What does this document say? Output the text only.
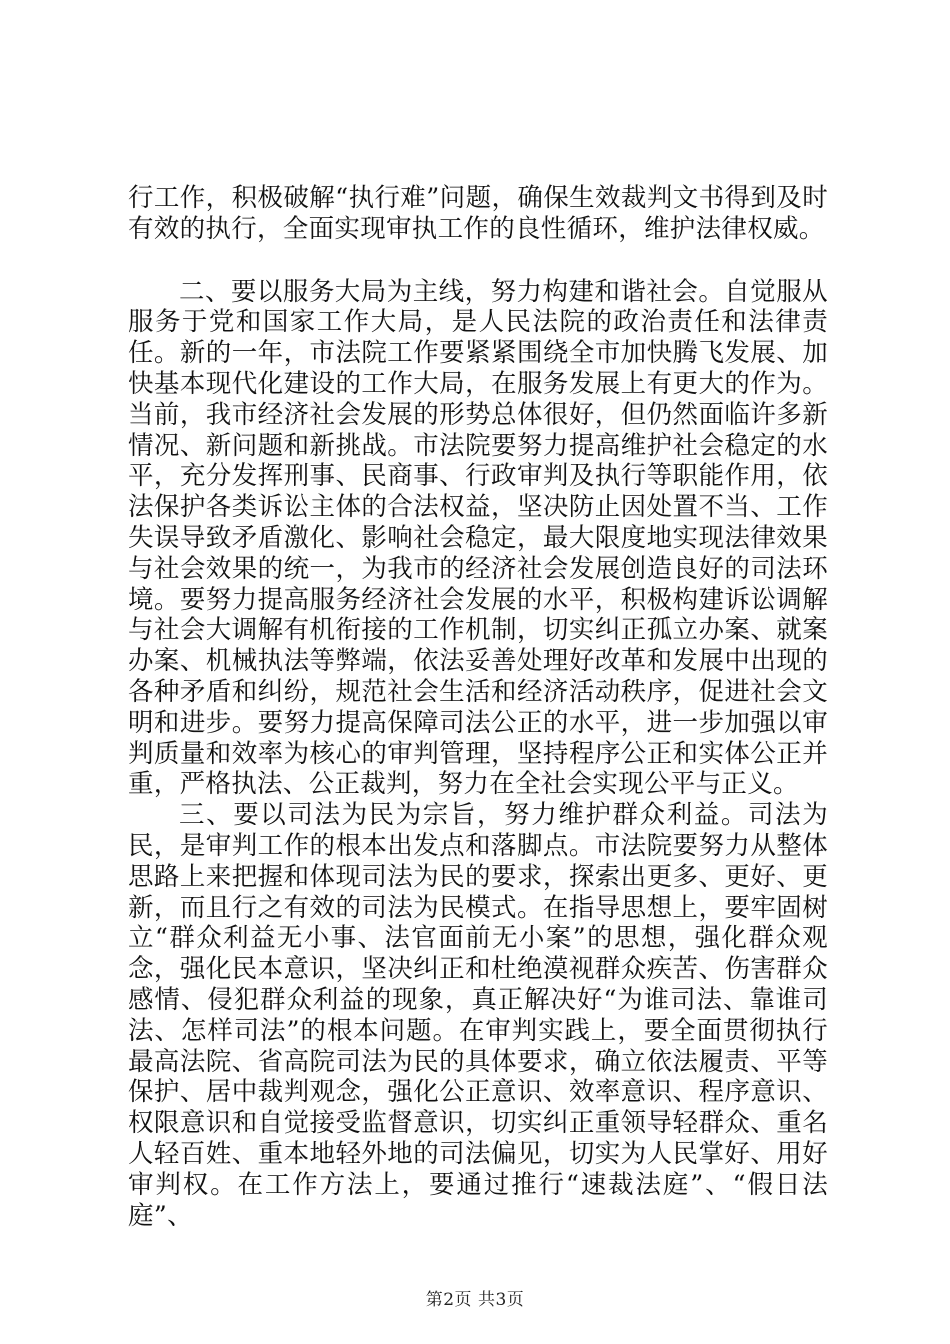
行工作，积极破解“执行难”问题，确保生效裁判文书得到及时有效的执行，全面实现审执工作的良性循环，维护法律权威。

二、要以服务大局为主线，努力构建和谐社会。自觉服从服务于党和国家工作大局，是人民法院的政治责任和法律责任。新的一年，市法院工作要紧紧围绕全市加快腾飞发展、加快基本现代化建设的工作大局，在服务发展上有更大的作为。当前，我市经济社会发展的形势总体很好，但仍然面临许多新情况、新问题和新挑战。市法院要努力提高维护社会稳定的水平，充分发挥刑事、民商事、行政审判及执行等职能作用，依法保护各类诉讼主体的合法权益，坚决防止因处置不当、工作失误导致矛盾激化、影响社会稳定，最大限度地实现法律效果与社会效果的统一，为我市的经济社会发展创造良好的司法环境。要努力提高服务经济社会发展的水平，积极构建诉讼调解与社会大调解有机衔接的工作机制，切实纠正孤立办案、就案办案、机械执法等弊端，依法妥善处理好改革和发展中出现的各种矛盾和纠纷，规范社会生活和经济活动秩序，促进社会文明和进步。要努力提高保障司法公正的水平，进一步加强以审判质量和效率为核心的审判管理，坚持程序公正和实体公正并重，严格执法、公正裁判，努力在全社会实现公平与正义。

三、要以司法为民为宗旨，努力维护群众利益。司法为民，是审判工作的根本出发点和落脚点。市法院要努力从整体思路上来把握和体现司法为民的要求，探索出更多、更好、更新，而且行之有效的司法为民模式。在指导思想上，要牢固树立“群众利益无小事、法官面前无小案”的思想，强化群众观念，强化民本意识，坚决纠正和杜绝漠视群众疾苦、伤害群众感情、侵犯群众利益的现象，真正解决好“为谁司法、靠谁司法、怎样司法”的根本问题。在审判实践上，要全面贯彻执行最高法院、省高院司法为民的具体要求，确立依法履责、平等保护、居中裁判观念，强化公正意识、效率意识、程序意识、权限意识和自觉接受监督意识，切实纠正重领导轻群众、重名人轻百姓、重本地轻外地的司法偏见，切实为人民掌好、用好审判权。在工作方法上，要通过推行“速裁法庭”、“假日法庭”、

第2页 共3页
